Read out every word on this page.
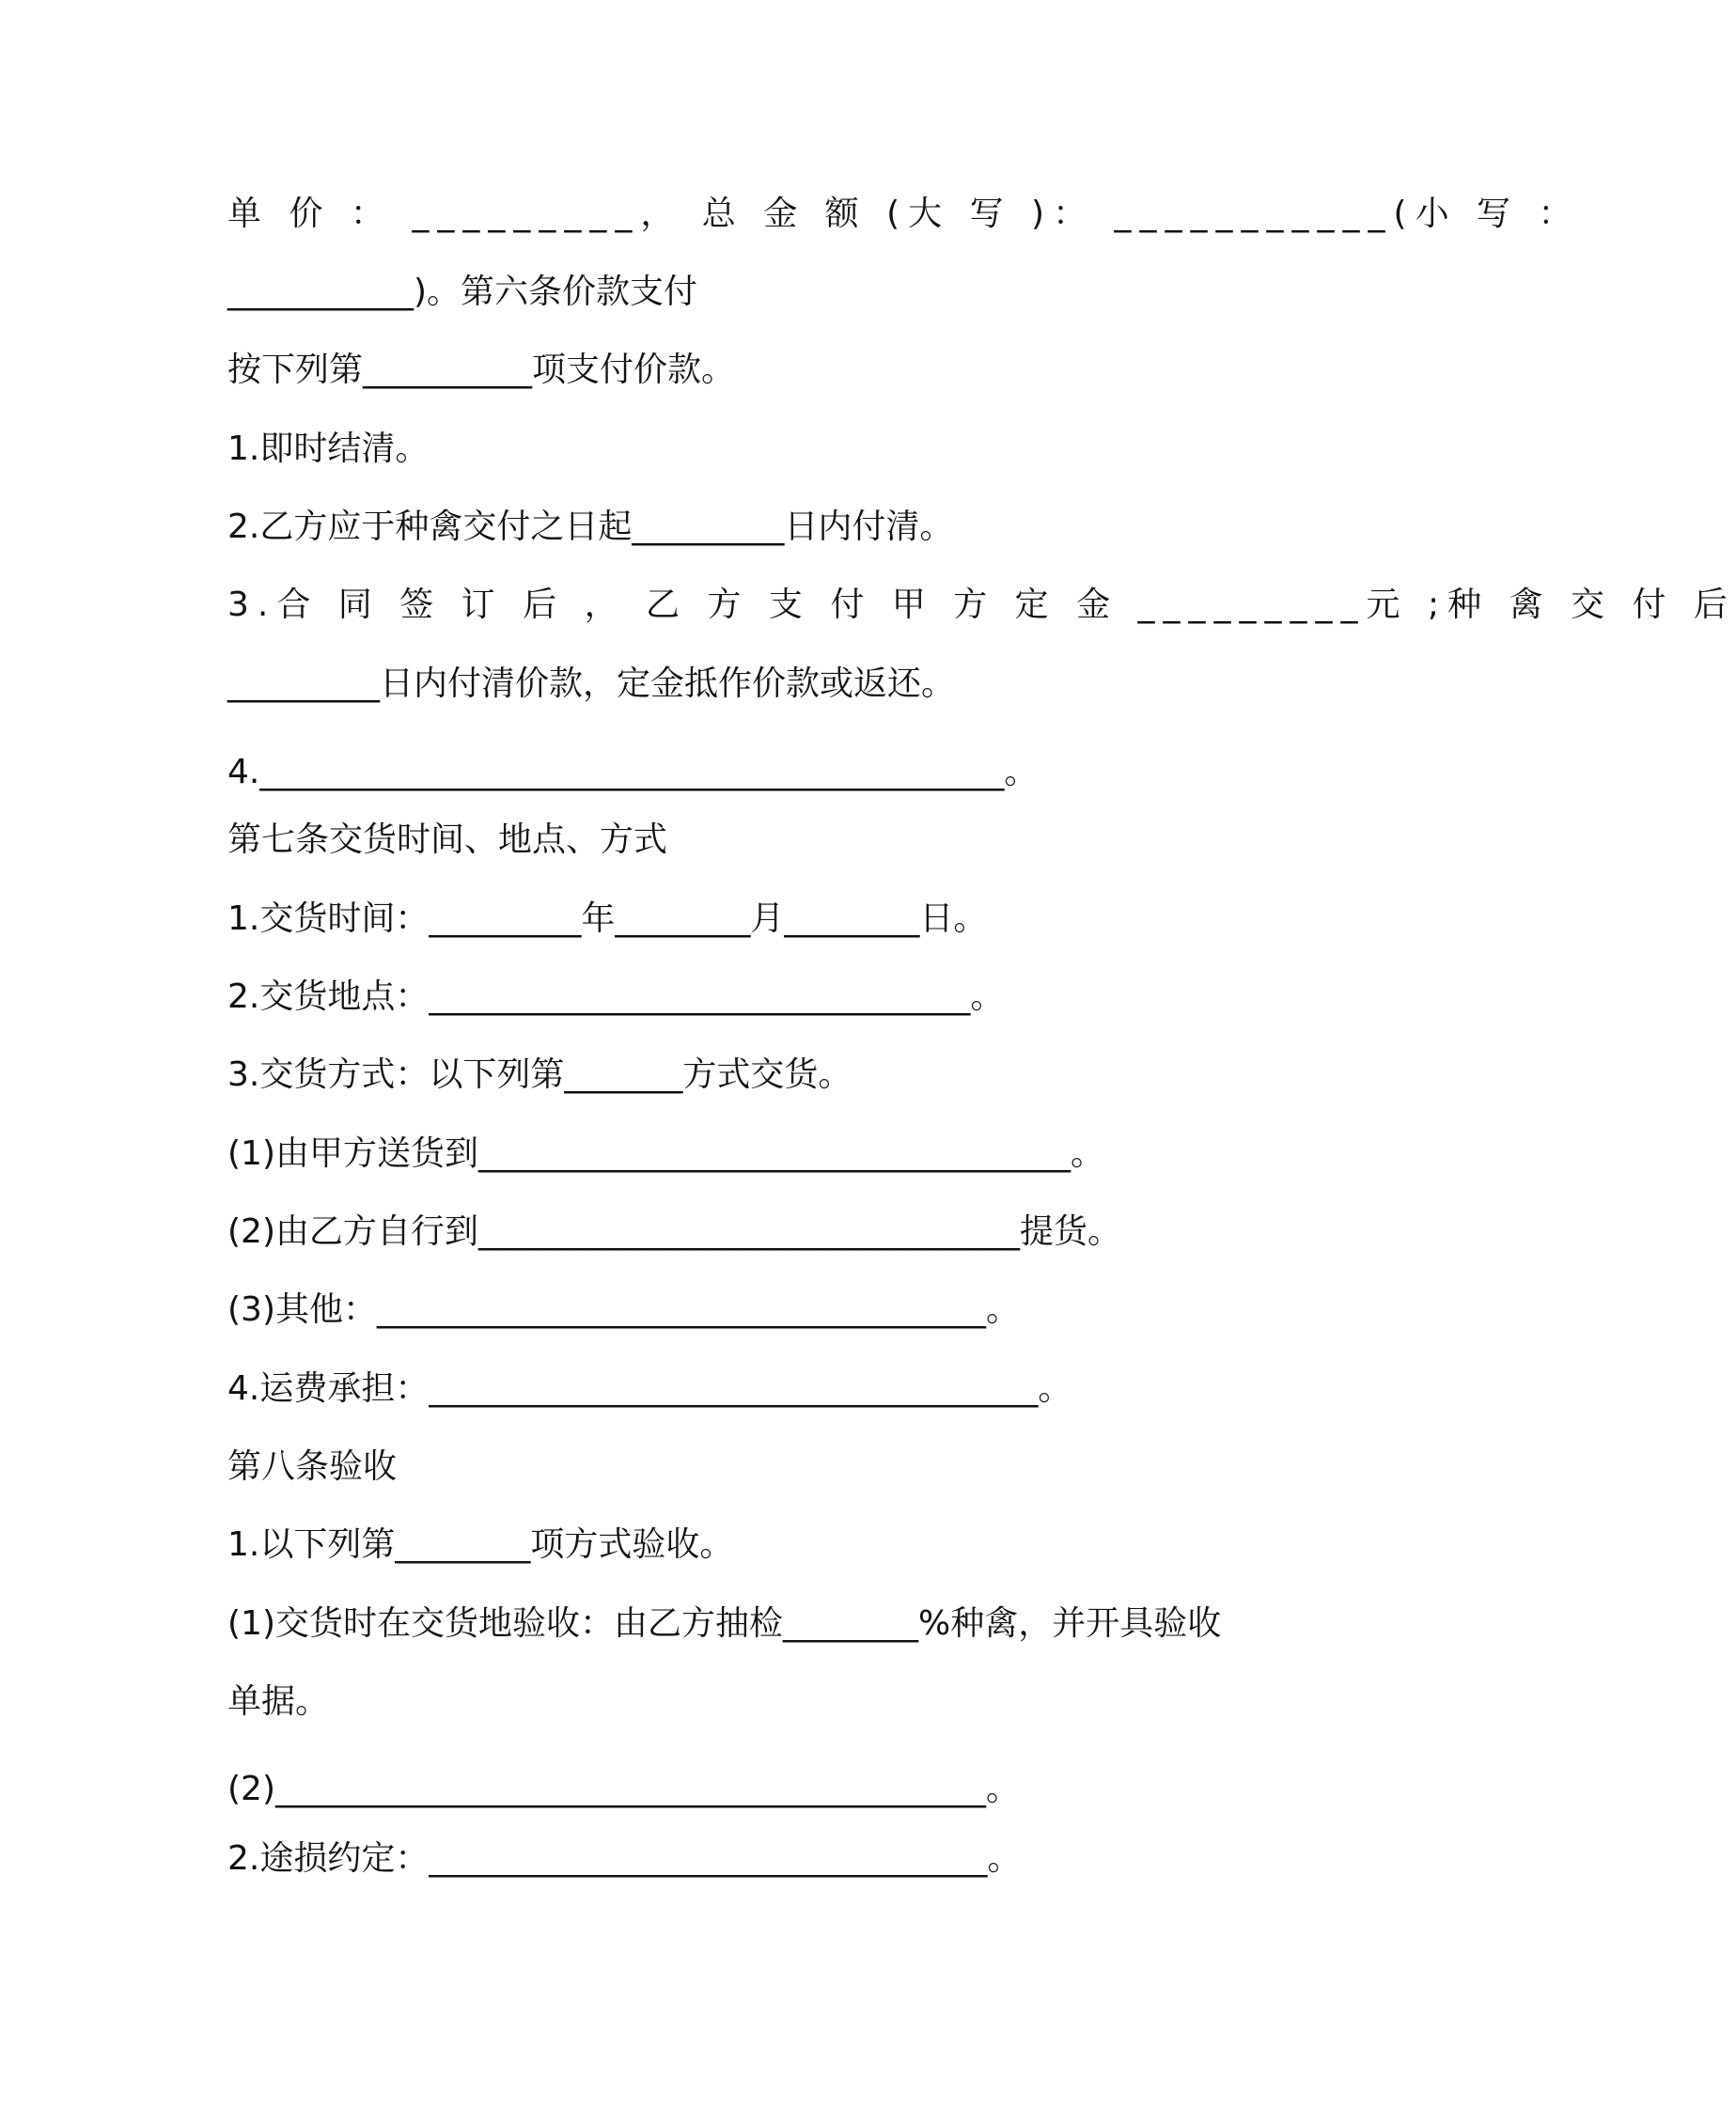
单 价 ： _________， 总 金 额 (大 写 )： ___________(小 写 ：
___________)。第六条价款支付
按下列第__________项支付价款。
1.即时结清。
2.乙方应于种禽交付之日起_________日内付清。
3.合 同 签 订 后 ， 乙 方 支 付 甲 方 定 金 _________元 ;种 禽 交 付 后
_________日内付清价款，定金抵作价款或返还。
4.____________________________________________。
第七条交货时间、地点、方式
1.交货时间：_________年________月________日。
2.交货地点：________________________________。
3.交货方式：以下列第_______方式交货。
(1)由甲方送货到___________________________________。
(2)由乙方自行到________________________________提货。
(3)其他：____________________________________。
4.运费承担：____________________________________。
第八条验收
1.以下列第________项方式验收。
(1)交货时在交货地验收：由乙方抽检________%种禽，并开具验收
单据。
(2)__________________________________________。
2.途损约定：_________________________________。
